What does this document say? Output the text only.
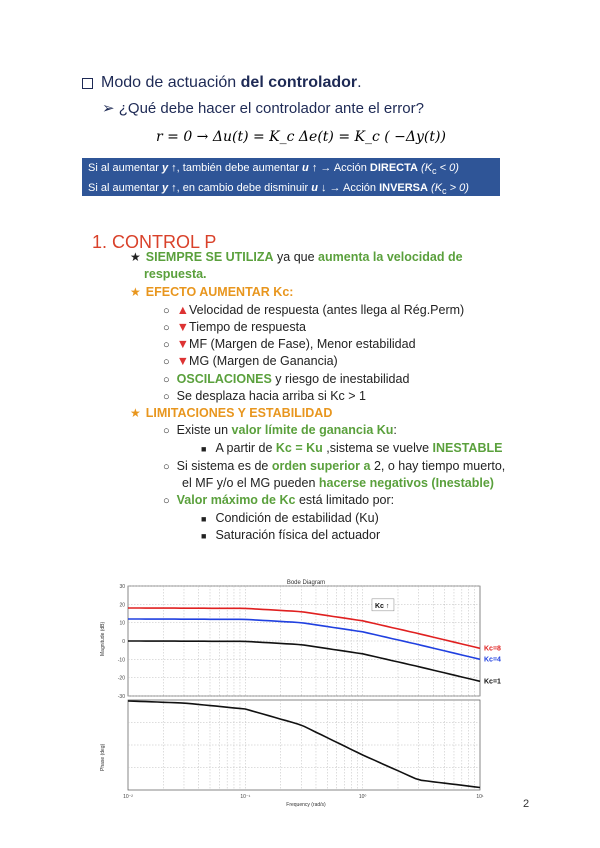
Modo de actuación del controlador.
➢ ¿Qué debe hacer el controlador ante el error?
r = 0 → Δu(t) = K_c Δe(t) = K_c ( −Δy(t))
Si al aumentar y ↑, también debe aumentar u ↑ → Acción DIRECTA $(K_c < 0)$
Si al aumentar y ↑, en cambio debe disminuir u ↓ → Acción INVERSA $(K_c > 0)$
1. CONTROL P
★ SIEMPRE SE UTILIZA ya que aumenta la velocidad de
respuesta.
★ EFECTO AUMENTAR Kc:
○ ▲Velocidad de respuesta (antes llega al Rég.Perm)
○ ▼Tiempo de respuesta
○ ▼MF (Margen de Fase), Menor estabilidad
○ ▼MG (Margen de Ganancia)
○ OSCILACIONES y riesgo de inestabilidad
○ Se desplaza hacia arriba si Kc > 1
★ LIMITACIONES Y ESTABILIDAD
○ Existe un valor límite de ganancia Ku:
■ A partir de Kc = Ku ,sistema se vuelve INESTABLE
○ Si sistema es de orden superior a 2, o hay tiempo muerto,
el MF y/o el MG pueden hacerse negativos (Inestable)
○ Valor máximo de Kc está limitado por:
■ Condición de estabilidad (Ku)
■ Saturación física del actuador
30
20
10
0
-10
-20
-30
Kc=8
Kc=4
Kc=1
Kc ↑
10⁻²	10⁻¹	10⁰	10¹
Bode Diagram
Magnitude (dB)
Phase (deg)
Frequency (rad/s)	2
